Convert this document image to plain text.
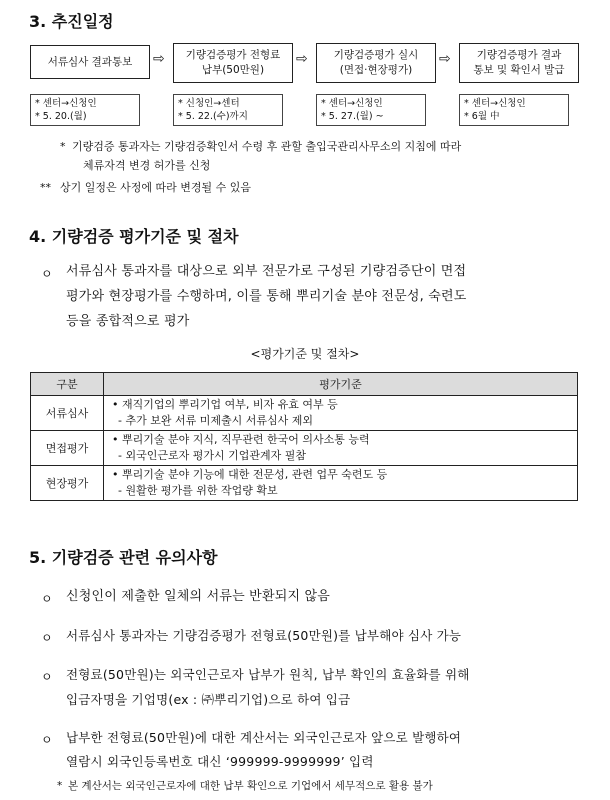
3. 추진일정
서류심사 결과통보 ⇨ 기량검증평가 전형료
납부(50만원)
⇨ 기량검증평가 실시
(면접·현장평가)
⇨ 기량검증평가 결과
통보 및 확인서 발급
* 센터→신청인
* 5. 20.(월)
* 신청인→센터
* 5. 22.(수)까지
* 센터→신청인
* 5. 27.(월) ~
* 센터→신청인
* 6월 中
* 기량검증 통과자는 기량검증확인서 수령 후 관할 출입국관리사무소의 지침에 따라
체류자격 변경 허가를 신청
** 상기 일정은 사정에 따라 변경될 수 있음
4. 기량검증 평가기준 및 절차
ㅇ 서류심사 통과자를 대상으로 외부 전문가로 구성된 기량검증단이 면접
평가와 현장평가를 수행하며, 이를 통해 뿌리기술 분야 전문성, 숙련도
등을 종합적으로 평가
<평가기준 및 절차>
구분	평가기준
서류심사	• 재직기업의 뿌리기업 여부, 비자 유효 여부 등
- 추가 보완 서류 미제출시 서류심사 제외

면접평가	• 뿌리기술 분야 지식, 직무관련 한국어 의사소통 능력
- 외국인근로자 평가시 기업관계자 필참

현장평가	• 뿌리기술 분야 기능에 대한 전문성, 관련 업무 숙련도 등
- 원활한 평가를 위한 작업량 확보
5. 기량검증 관련 유의사항
ㅇ 신청인이 제출한 일체의 서류는 반환되지 않음
ㅇ 서류심사 통과자는 기량검증평가 전형료(50만원)를 납부해야 심사 가능
ㅇ 전형료(50만원)는 외국인근로자 납부가 원칙, 납부 확인의 효율화를 위해
입금자명을 기업명(ex : ㈜뿌리기업)으로 하여 입금
ㅇ 납부한 전형료(50만원)에 대한 계산서는 외국인근로자 앞으로 발행하여
열람시 외국인등록번호 대신 ‘999999-9999999’ 입력
* 본 계산서는 외국인근로자에 대한 납부 확인으로 기업에서 세무적으로 활용 불가
